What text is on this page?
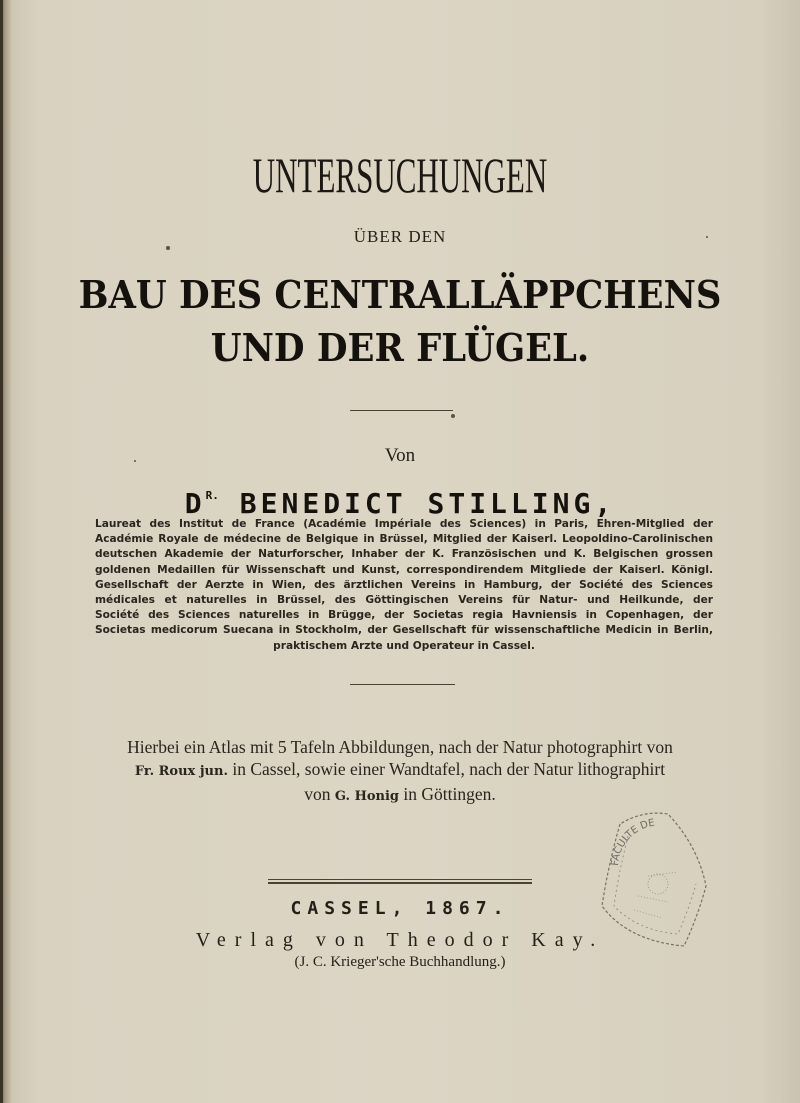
UNTERSUCHUNGEN
ÜBER DEN
BAU DES CENTRALLÄPPCHENS
UND DER FLÜGEL.
Von
$D^{R.}$ BENEDICT STILLING,
Laureat des Institut de France (Académie Impériale des Sciences) in Paris, Ehren-Mitglied der
Académie Royale de médecine de Belgique in Brüssel, Mitglied der Kaiserl. Leopoldino-Carolinischen
deutschen Akademie der Naturforscher, Inhaber der K. Französischen und K. Belgischen grossen
goldenen Medaillen für Wissenschaft und Kunst, correspondirendem Mitgliede der Kaiserl. Königl.
Gesellschaft der Aerzte in Wien, des ärztlichen Vereins in Hamburg, der Société des Sciences
médicales et naturelles in Brüssel, des Göttingischen Vereins für Natur- und Heilkunde, der
Société des Sciences naturelles in Brügge, der Societas regia Havniensis in Copenhagen, der
Societas medicorum Suecana in Stockholm, der Gesellschaft für wissenschaftliche Medicin in Berlin,
praktischem Arzte und Operateur in Cassel.
Hierbei ein Atlas mit 5 Tafeln Abbildungen, nach der Natur photographirt von
Fr. Roux jun. in Cassel, sowie einer Wandtafel, nach der Natur lithographirt
von G. Honig in Göttingen.
CASSEL, 1867.
Verlag von Theodor Kay.
(J. C. Krieger'sche Buchhandlung.)
FACULTE DE
